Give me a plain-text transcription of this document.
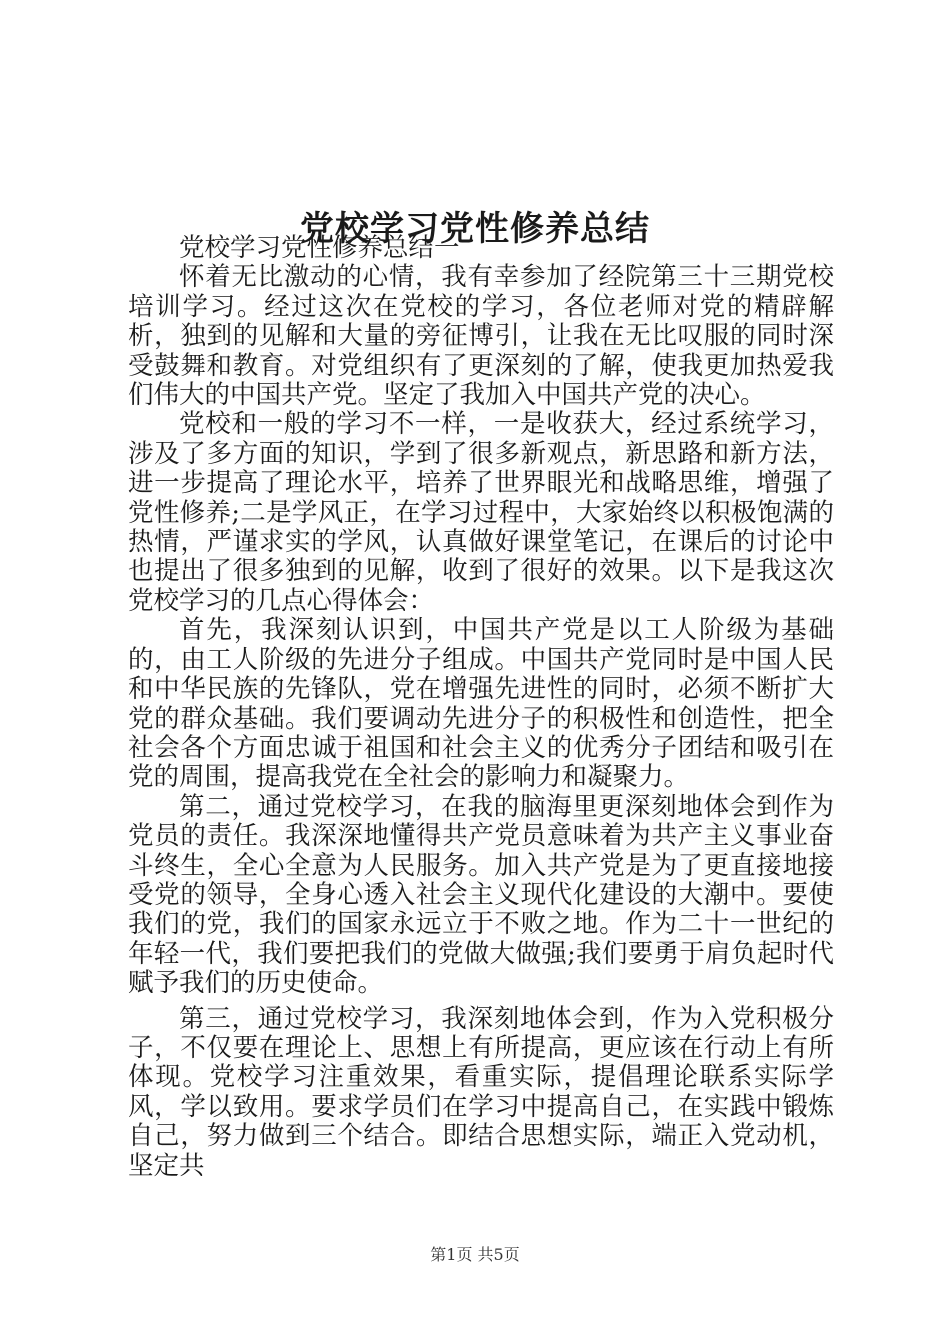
党校学习党性修养总结

党校学习党性修养总结一

怀着无比激动的心情，我有幸参加了经院第三十三期党校培训学习。经过这次在党校的学习，各位老师对党的精辟解析，独到的见解和大量的旁征博引，让我在无比叹服的同时深受鼓舞和教育。对党组织有了更深刻的了解，使我更加热爱我们伟大的中国共产党。坚定了我加入中国共产党的决心。

党校和一般的学习不一样，一是收获大，经过系统学习，涉及了多方面的知识，学到了很多新观点，新思路和新方法，进一步提高了理论水平，培养了世界眼光和战略思维，增强了党性修养;二是学风正，在学习过程中，大家始终以积极饱满的热情，严谨求实的学风，认真做好课堂笔记，在课后的讨论中也提出了很多独到的见解，收到了很好的效果。以下是我这次党校学习的几点心得体会：

首先，我深刻认识到，中国共产党是以工人阶级为基础的，由工人阶级的先进分子组成。中国共产党同时是中国人民和中华民族的先锋队，党在增强先进性的同时，必须不断扩大党的群众基础。我们要调动先进分子的积极性和创造性，把全社会各个方面忠诚于祖国和社会主义的优秀分子团结和吸引在党的周围，提高我党在全社会的影响力和凝聚力。

第二，通过党校学习，在我的脑海里更深刻地体会到作为党员的责任。我深深地懂得共产党员意味着为共产主义事业奋斗终生，全心全意为人民服务。加入共产党是为了更直接地接受党的领导，全身心透入社会主义现代化建设的大潮中。要使我们的党，我们的国家永远立于不败之地。作为二十一世纪的年轻一代，我们要把我们的党做大做强;我们要勇于肩负起时代赋予我们的历史使命。

第三，通过党校学习，我深刻地体会到，作为入党积极分子，不仅要在理论上、思想上有所提高，更应该在行动上有所体现。党校学习注重效果，看重实际，提倡理论联系实际学风，学以致用。要求学员们在学习中提高自己，在实践中锻炼自己，努力做到三个结合。即结合思想实际，端正入党动机，坚定共

第1页 共5页
